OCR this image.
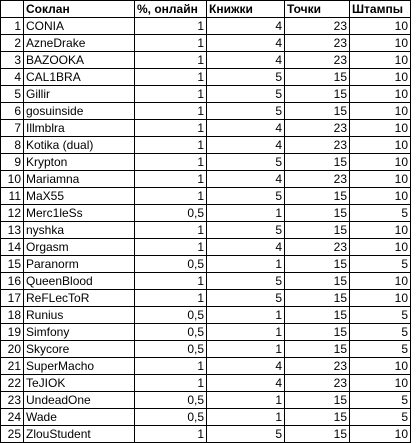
	Соклан	%, онлайн	Книжки	Точки	Штампы
1	CONIA	1	4	23	10
2	AzneDrake	1	4	23	10
3	BAZOOKA	1	4	23	10
4	CAL1BRA	1	5	15	10
5	Gillir	1	5	15	10
6	gosuinside	1	5	15	10
7	Illmblra	1	4	23	10
8	Kotika (dual)	1	4	23	10
9	Krypton	1	5	15	10
10	Mariamna	1	4	23	10
11	MaX55	1	5	15	10
12	Merc1leSs	0,5	1	15	5
13	nyshka	1	5	15	10
14	Orgasm	1	4	23	10
15	Paranorm	0,5	1	15	5
16	QueenBlood	1	5	15	10
17	ReFLecToR	1	5	15	10
18	Runius	0,5	1	15	5
19	Simfony	0,5	1	15	5
20	Skycore	0,5	1	15	5
21	SuperMacho	1	4	23	10
22	TeJIOK	1	4	23	10
23	UndeadOne	0,5	1	15	5
24	Wade	0,5	1	15	5
25	ZlouStudent	1	5	15	10
